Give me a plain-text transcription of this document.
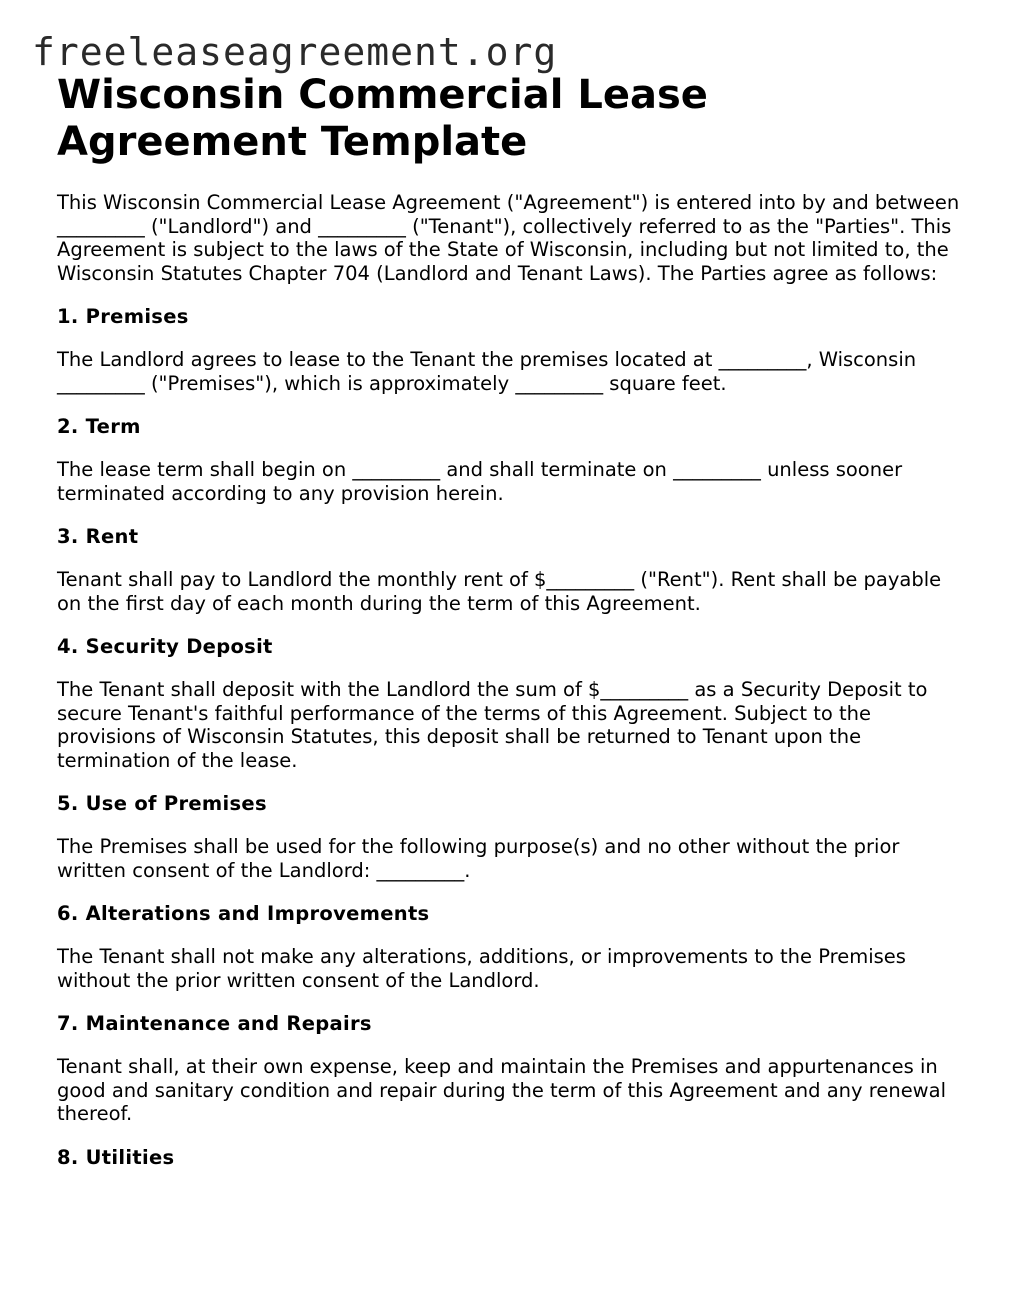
freeleaseagreement.org
Wisconsin Commercial Lease Agreement Template

This Wisconsin Commercial Lease Agreement ("Agreement") is entered into by and between _________ ("Landlord") and _________ ("Tenant"), collectively referred to as the "Parties". This Agreement is subject to the laws of the State of Wisconsin, including but not limited to, the Wisconsin Statutes Chapter 704 (Landlord and Tenant Laws). The Parties agree as follows:

1. Premises

The Landlord agrees to lease to the Tenant the premises located at _________, Wisconsin _________ ("Premises"), which is approximately _________ square feet.

2. Term

The lease term shall begin on _________ and shall terminate on _________ unless sooner terminated according to any provision herein.

3. Rent

Tenant shall pay to Landlord the monthly rent of $_________ ("Rent"). Rent shall be payable on the first day of each month during the term of this Agreement.

4. Security Deposit

The Tenant shall deposit with the Landlord the sum of $_________ as a Security Deposit to secure Tenant's faithful performance of the terms of this Agreement. Subject to the provisions of Wisconsin Statutes, this deposit shall be returned to Tenant upon the termination of the lease.

5. Use of Premises

The Premises shall be used for the following purpose(s) and no other without the prior written consent of the Landlord: _________.

6. Alterations and Improvements

The Tenant shall not make any alterations, additions, or improvements to the Premises without the prior written consent of the Landlord.

7. Maintenance and Repairs

Tenant shall, at their own expense, keep and maintain the Premises and appurtenances in good and sanitary condition and repair during the term of this Agreement and any renewal thereof.

8. Utilities
